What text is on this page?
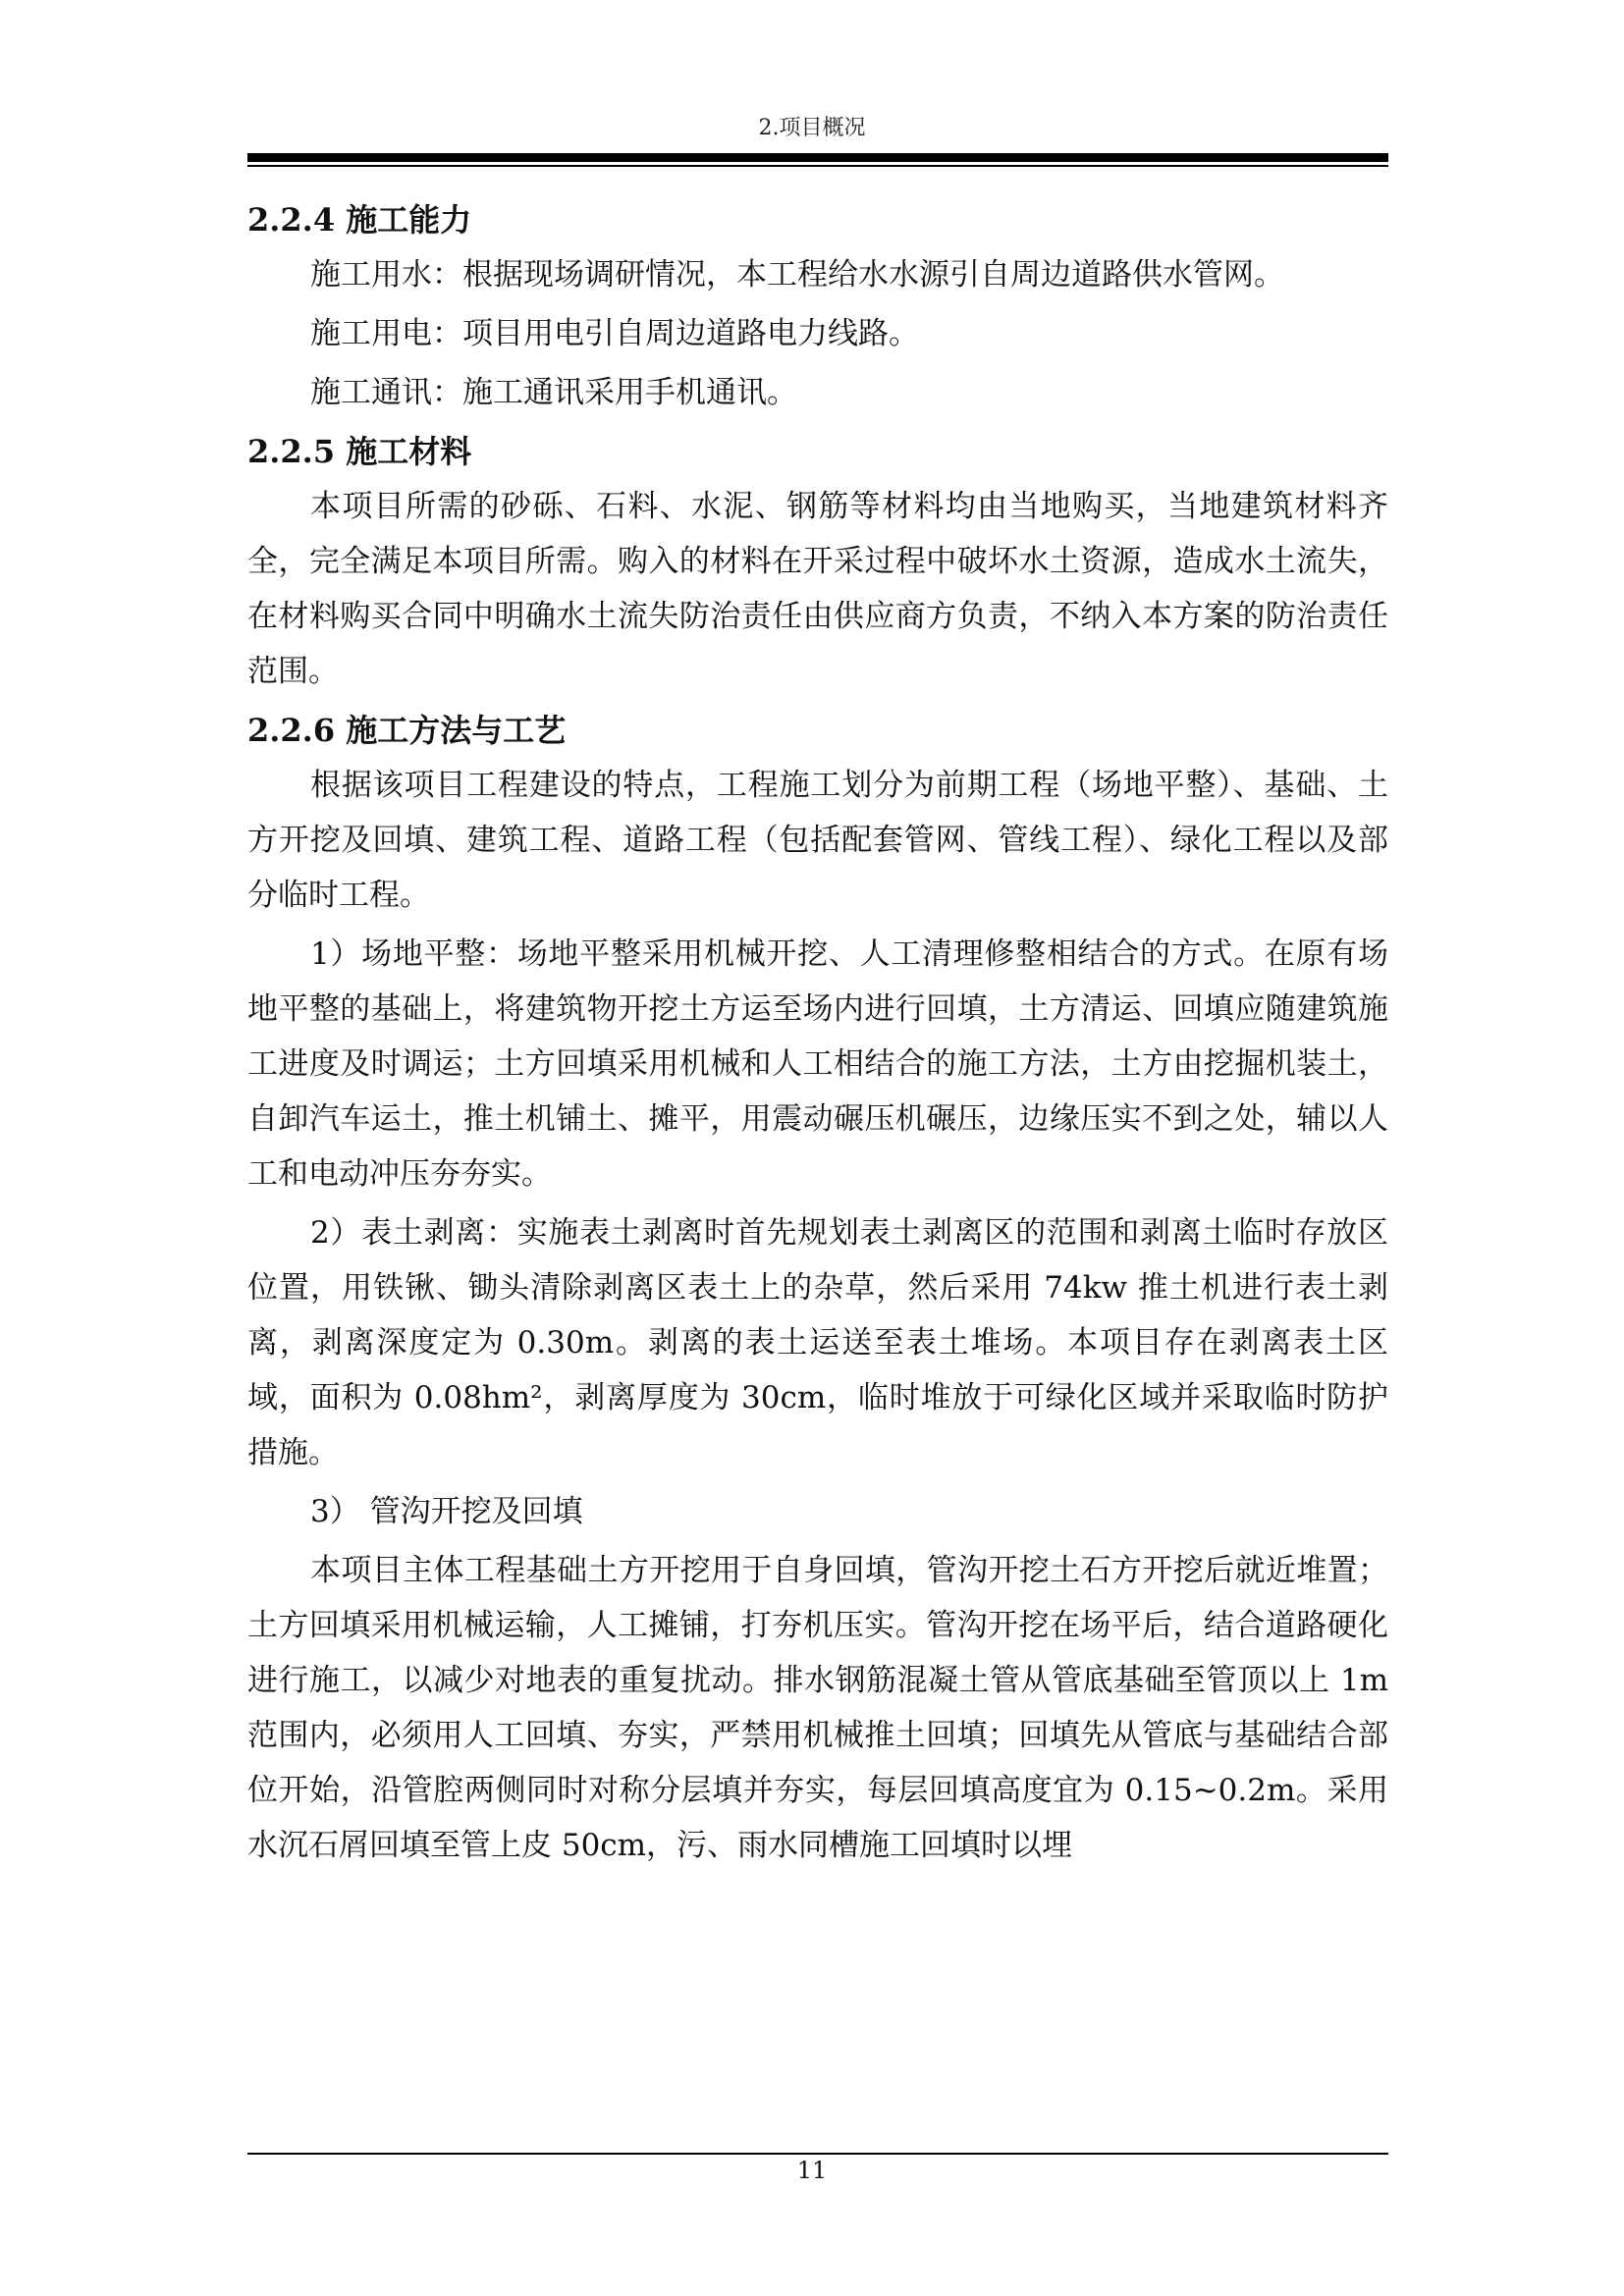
2.项目概况
2.2.4 施工能力
施工用水：根据现场调研情况，本工程给水水源引自周边道路供水管网。
施工用电：项目用电引自周边道路电力线路。
施工通讯：施工通讯采用手机通讯。
2.2.5 施工材料

本项目所需的砂砾、石料、水泥、钢筋等材料均由当地购买，当地建筑材料齐全，完全满足本项目所需。购入的材料在开采过程中破坏水土资源，造成水土流失，在材料购买合同中明确水土流失防治责任由供应商方负责，不纳入本方案的防治责任范围。

2.2.6 施工方法与工艺

根据该项目工程建设的特点，工程施工划分为前期工程（场地平整）、基础、土方开挖及回填、建筑工程、道路工程（包括配套管网、管线工程）、绿化工程以及部分临时工程。

1）场地平整：场地平整采用机械开挖、人工清理修整相结合的方式。在原有场地平整的基础上，将建筑物开挖土方运至场内进行回填，土方清运、回填应随建筑施工进度及时调运；土方回填采用机械和人工相结合的施工方法，土方由挖掘机装土，自卸汽车运土，推土机铺土、摊平，用震动碾压机碾压，边缘压实不到之处，辅以人工和电动冲压夯夯实。

2）表土剥离：实施表土剥离时首先规划表土剥离区的范围和剥离土临时存放区位置，用铁锹、锄头清除剥离区表土上的杂草，然后采用 74kw 推土机进行表土剥离，剥离深度定为 0.30m。剥离的表土运送至表土堆场。本项目存在剥离表土区域，面积为 0.08hm²，剥离厚度为 30cm，临时堆放于可绿化区域并采取临时防护措施。

3） 管沟开挖及回填

本项目主体工程基础土方开挖用于自身回填，管沟开挖土石方开挖后就近堆置；土方回填采用机械运输，人工摊铺，打夯机压实。管沟开挖在场平后，结合道路硬化进行施工，以减少对地表的重复扰动。排水钢筋混凝土管从管底基础至管顶以上 1m 范围内，必须用人工回填、夯实，严禁用机械推土回填；回填先从管底与基础结合部位开始，沿管腔两侧同时对称分层填并夯实，每层回填高度宜为 0.15~0.2m。采用水沉石屑回填至管上皮 50cm，污、雨水同槽施工回填时以埋

11
